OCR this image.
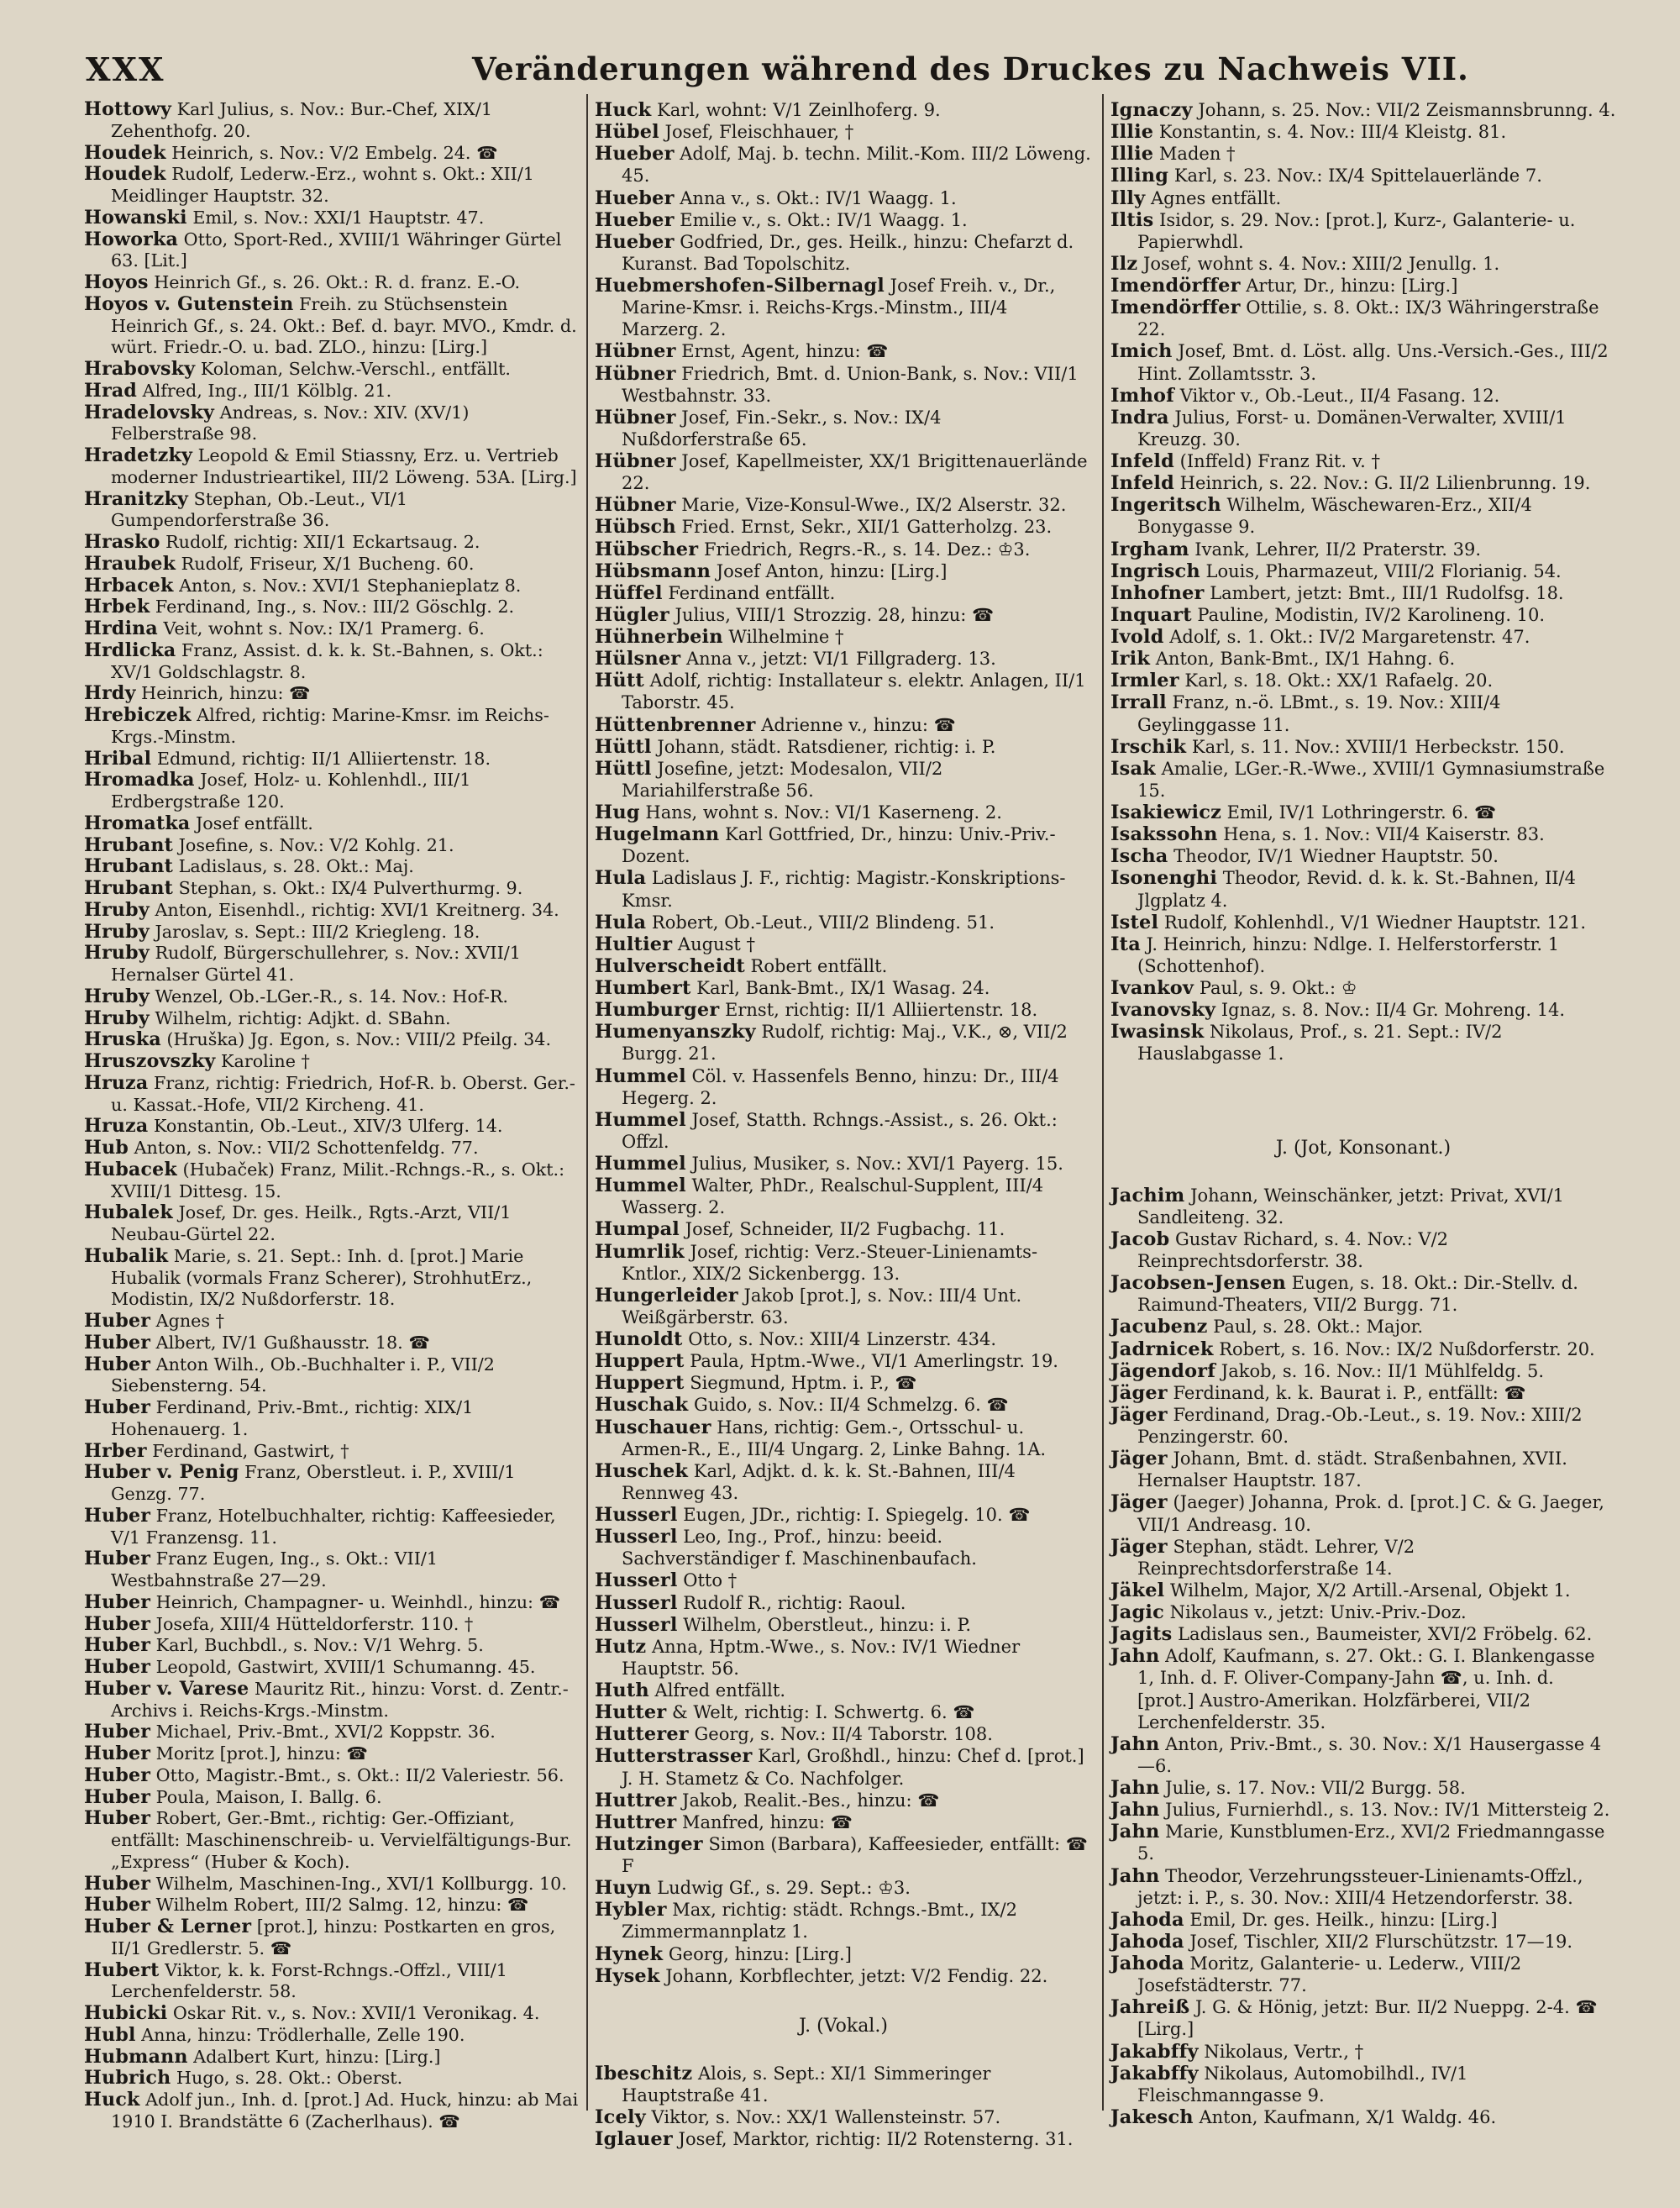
XXX	Veränderungen während des Druckes zu Nachweis VII.
Hottowy Karl Julius, s. Nov.: Bur.-Chef, XIX/1 Zehenthofg. 20.
Houdek Heinrich, s. Nov.: V/2 Embelg. 24. ☎
Houdek Rudolf, Lederw.-Erz., wohnt s. Okt.: XII/1 Meidlinger Hauptstr. 32.
Howanski Emil, s. Nov.: XXI/1 Hauptstr. 47.
Howorka Otto, Sport-Red., XVIII/1 Währinger Gürtel 63. [Lit.]
Hoyos Heinrich Gf., s. 26. Okt.: R. d. franz. E.-O.
Hoyos v. Gutenstein Freih. zu Stüchsenstein Heinrich Gf., s. 24. Okt.: Bef. d. bayr. MVO., Kmdr. d. würt. Friedr.-O. u. bad. ZLO., hinzu: [Lirg.]
Hrabovsky Koloman, Selchw.-Verschl., entfällt.
Hrad Alfred, Ing., III/1 Kölblg. 21.
Hradelovsky Andreas, s. Nov.: XIV. (XV/1) Felberstraße 98.
Hradetzky Leopold & Emil Stiassny, Erz. u. Vertrieb moderner Industrieartikel, III/2 Löweng. 53A. [Lirg.]
Hranitzky Stephan, Ob.-Leut., VI/1 Gumpendorferstraße 36.
Hrasko Rudolf, richtig: XII/1 Eckartsaug. 2.
Hraubek Rudolf, Friseur, X/1 Bucheng. 60.
Hrbacek Anton, s. Nov.: XVI/1 Stephanieplatz 8.
Hrbek Ferdinand, Ing., s. Nov.: III/2 Göschlg. 2.
Hrdina Veit, wohnt s. Nov.: IX/1 Pramerg. 6.
Hrdlicka Franz, Assist. d. k. k. St.-Bahnen, s. Okt.: XV/1 Goldschlagstr. 8.
Hrdy Heinrich, hinzu: ☎
Hrebiczek Alfred, richtig: Marine-Kmsr. im Reichs-Krgs.-Minstm.
Hribal Edmund, richtig: II/1 Alliiertenstr. 18.
Hromadka Josef, Holz- u. Kohlenhdl., III/1 Erdbergstraße 120.
Hromatka Josef entfällt.
Hrubant Josefine, s. Nov.: V/2 Kohlg. 21.
Hrubant Ladislaus, s. 28. Okt.: Maj.
Hrubant Stephan, s. Okt.: IX/4 Pulverthurmg. 9.
Hruby Anton, Eisenhdl., richtig: XVI/1 Kreitnerg. 34.
Hruby Jaroslav, s. Sept.: III/2 Kriegleng. 18.
Hruby Rudolf, Bürgerschullehrer, s. Nov.: XVII/1 Hernalser Gürtel 41.
Hruby Wenzel, Ob.-LGer.-R., s. 14. Nov.: Hof-R.
Hruby Wilhelm, richtig: Adjkt. d. SBahn.
Hruska (Hruška) Jg. Egon, s. Nov.: VIII/2 Pfeilg. 34.
Hruszovszky Karoline †
Hruza Franz, richtig: Friedrich, Hof-R. b. Oberst. Ger.- u. Kassat.-Hofe, VII/2 Kircheng. 41.
Hruza Konstantin, Ob.-Leut., XIV/3 Ulferg. 14.
Hub Anton, s. Nov.: VII/2 Schottenfeldg. 77.
Hubacek (Hubaček) Franz, Milit.-Rchngs.-R., s. Okt.: XVIII/1 Dittesg. 15.
Hubalek Josef, Dr. ges. Heilk., Rgts.-Arzt, VII/1 Neubau-Gürtel 22.
Hubalik Marie, s. 21. Sept.: Inh. d. [prot.] Marie Hubalik (vormals Franz Scherer), StrohhutErz., Modistin, IX/2 Nußdorferstr. 18.
Huber Agnes †
Huber Albert, IV/1 Gußhausstr. 18. ☎
Huber Anton Wilh., Ob.-Buchhalter i. P., VII/2 Siebensterng. 54.
Huber Ferdinand, Priv.-Bmt., richtig: XIX/1 Hohenauerg. 1.
Hrber Ferdinand, Gastwirt, †
Huber v. Penig Franz, Oberstleut. i. P., XVIII/1 Genzg. 77.
Huber Franz, Hotelbuchhalter, richtig: Kaffeesieder, V/1 Franzensg. 11.
Huber Franz Eugen, Ing., s. Okt.: VII/1 Westbahnstraße 27—29.
Huber Heinrich, Champagner- u. Weinhdl., hinzu: ☎
Huber Josefa, XIII/4 Hütteldorferstr. 110. †
Huber Karl, Buchbdl., s. Nov.: V/1 Wehrg. 5.
Huber Leopold, Gastwirt, XVIII/1 Schumanng. 45.
Huber v. Varese Mauritz Rit., hinzu: Vorst. d. Zentr.-Archivs i. Reichs-Krgs.-Minstm.
Huber Michael, Priv.-Bmt., XVI/2 Koppstr. 36.
Huber Moritz [prot.], hinzu: ☎
Huber Otto, Magistr.-Bmt., s. Okt.: II/2 Valeriestr. 56.
Huber Poula, Maison, I. Ballg. 6.
Huber Robert, Ger.-Bmt., richtig: Ger.-Offiziant, entfällt: Maschinenschreib- u. Vervielfältigungs-Bur. „Express“ (Huber & Koch).
Huber Wilhelm, Maschinen-Ing., XVI/1 Kollburgg. 10.
Huber Wilhelm Robert, III/2 Salmg. 12, hinzu: ☎
Huber & Lerner [prot.], hinzu: Postkarten en gros, II/1 Gredlerstr. 5. ☎
Hubert Viktor, k. k. Forst-Rchngs.-Offzl., VIII/1 Lerchenfelderstr. 58.
Hubicki Oskar Rit. v., s. Nov.: XVII/1 Veronikag. 4.
Hubl Anna, hinzu: Trödlerhalle, Zelle 190.
Hubmann Adalbert Kurt, hinzu: [Lirg.]
Hubrich Hugo, s. 28. Okt.: Oberst.
Huck Adolf jun., Inh. d. [prot.] Ad. Huck, hinzu: ab Mai 1910 I. Brandstätte 6 (Zacherlhaus). ☎
Huck Karl, wohnt: V/1 Zeinlhoferg. 9.
Hübel Josef, Fleischhauer, †
Hueber Adolf, Maj. b. techn. Milit.-Kom. III/2 Löweng. 45.
Hueber Anna v., s. Okt.: IV/1 Waagg. 1.
Hueber Emilie v., s. Okt.: IV/1 Waagg. 1.
Hueber Godfried, Dr., ges. Heilk., hinzu: Chefarzt d. Kuranst. Bad Topolschitz.
Huebmershofen-Silbernagl Josef Freih. v., Dr., Marine-Kmsr. i. Reichs-Krgs.-Minstm., III/4 Marzerg. 2.
Hübner Ernst, Agent, hinzu: ☎
Hübner Friedrich, Bmt. d. Union-Bank, s. Nov.: VII/1 Westbahnstr. 33.
Hübner Josef, Fin.-Sekr., s. Nov.: IX/4 Nußdorferstraße 65.
Hübner Josef, Kapellmeister, XX/1 Brigittenauerlände 22.
Hübner Marie, Vize-Konsul-Wwe., IX/2 Alserstr. 32.
Hübsch Fried. Ernst, Sekr., XII/1 Gatterholzg. 23.
Hübscher Friedrich, Regrs.-R., s. 14. Dez.: ♔3.
Hübsmann Josef Anton, hinzu: [Lirg.]
Hüffel Ferdinand entfällt.
Hügler Julius, VIII/1 Strozzig. 28, hinzu: ☎
Hühnerbein Wilhelmine †
Hülsner Anna v., jetzt: VI/1 Fillgraderg. 13.
Hütt Adolf, richtig: Installateur s. elektr. Anlagen, II/1 Taborstr. 45.
Hüttenbrenner Adrienne v., hinzu: ☎
Hüttl Johann, städt. Ratsdiener, richtig: i. P.
Hüttl Josefine, jetzt: Modesalon, VII/2 Mariahilferstraße 56.
Hug Hans, wohnt s. Nov.: VI/1 Kaserneng. 2.
Hugelmann Karl Gottfried, Dr., hinzu: Univ.-Priv.-Dozent.
Hula Ladislaus J. F., richtig: Magistr.-Konskriptions-Kmsr.
Hula Robert, Ob.-Leut., VIII/2 Blindeng. 51.
Hultier August †
Hulverscheidt Robert entfällt.
Humbert Karl, Bank-Bmt., IX/1 Wasag. 24.
Humburger Ernst, richtig: II/1 Alliiertenstr. 18.
Humenyanszky Rudolf, richtig: Maj., V.K., ⊗, VII/2 Burgg. 21.
Hummel Cöl. v. Hassenfels Benno, hinzu: Dr., III/4 Hegerg. 2.
Hummel Josef, Statth. Rchngs.-Assist., s. 26. Okt.: Offzl.
Hummel Julius, Musiker, s. Nov.: XVI/1 Payerg. 15.
Hummel Walter, PhDr., Realschul-Supplent, III/4 Wasserg. 2.
Humpal Josef, Schneider, II/2 Fugbachg. 11.
Humrlik Josef, richtig: Verz.-Steuer-Linienamts-Kntlor., XIX/2 Sickenbergg. 13.
Hungerleider Jakob [prot.], s. Nov.: III/4 Unt. Weißgärberstr. 63.
Hunoldt Otto, s. Nov.: XIII/4 Linzerstr. 434.
Huppert Paula, Hptm.-Wwe., VI/1 Amerlingstr. 19.
Huppert Siegmund, Hptm. i. P., ☎
Huschak Guido, s. Nov.: II/4 Schmelzg. 6. ☎
Huschauer Hans, richtig: Gem.-, Ortsschul- u. Armen-R., E., III/4 Ungarg. 2, Linke Bahng. 1A.
Huschek Karl, Adjkt. d. k. k. St.-Bahnen, III/4 Rennweg 43.
Husserl Eugen, JDr., richtig: I. Spiegelg. 10. ☎
Husserl Leo, Ing., Prof., hinzu: beeid. Sachverständiger f. Maschinenbaufach.
Husserl Otto †
Husserl Rudolf R., richtig: Raoul.
Husserl Wilhelm, Oberstleut., hinzu: i. P.
Hutz Anna, Hptm.-Wwe., s. Nov.: IV/1 Wiedner Hauptstr. 56.
Huth Alfred entfällt.
Hutter & Welt, richtig: I. Schwertg. 6. ☎
Hutterer Georg, s. Nov.: II/4 Taborstr. 108.
Hutterstrasser Karl, Großhdl., hinzu: Chef d. [prot.] J. H. Stametz & Co. Nachfolger.
Huttrer Jakob, Realit.-Bes., hinzu: ☎
Huttrer Manfred, hinzu: ☎
Hutzinger Simon (Barbara), Kaffeesieder, entfällt: ☎ F
Huyn Ludwig Gf., s. 29. Sept.: ♔3.
Hybler Max, richtig: städt. Rchngs.-Bmt., IX/2 Zimmermannplatz 1.
Hynek Georg, hinzu: [Lirg.]
Hysek Johann, Korbflechter, jetzt: V/2 Fendig. 22.
J. (Vokal.)
Ibeschitz Alois, s. Sept.: XI/1 Simmeringer Hauptstraße 41.
Icely Viktor, s. Nov.: XX/1 Wallensteinstr. 57.
Iglauer Josef, Marktor, richtig: II/2 Rotensterng. 31.
Ignaczy Johann, s. 25. Nov.: VII/2 Zeismannsbrunng. 4.
Illie Konstantin, s. 4. Nov.: III/4 Kleistg. 81.
Illie Maden †
Illing Karl, s. 23. Nov.: IX/4 Spittelauerlände 7.
Illy Agnes entfällt.
Iltis Isidor, s. 29. Nov.: [prot.], Kurz-, Galanterie- u. Papierwhdl.
Ilz Josef, wohnt s. 4. Nov.: XIII/2 Jenullg. 1.
Imendörffer Artur, Dr., hinzu: [Lirg.]
Imendörffer Ottilie, s. 8. Okt.: IX/3 Währingerstraße 22.
Imich Josef, Bmt. d. Löst. allg. Uns.-Versich.-Ges., III/2 Hint. Zollamtsstr. 3.
Imhof Viktor v., Ob.-Leut., II/4 Fasang. 12.
Indra Julius, Forst- u. Domänen-Verwalter, XVIII/1 Kreuzg. 30.
Infeld (Inffeld) Franz Rit. v. †
Infeld Heinrich, s. 22. Nov.: G. II/2 Lilienbrunng. 19.
Ingeritsch Wilhelm, Wäschewaren-Erz., XII/4 Bonygasse 9.
Irgham Ivank, Lehrer, II/2 Praterstr. 39.
Ingrisch Louis, Pharmazeut, VIII/2 Florianig. 54.
Inhofner Lambert, jetzt: Bmt., III/1 Rudolfsg. 18.
Inquart Pauline, Modistin, IV/2 Karolineng. 10.
Ivold Adolf, s. 1. Okt.: IV/2 Margaretenstr. 47.
Irik Anton, Bank-Bmt., IX/1 Hahng. 6.
Irmler Karl, s. 18. Okt.: XX/1 Rafaelg. 20.
Irrall Franz, n.-ö. LBmt., s. 19. Nov.: XIII/4 Geylinggasse 11.
Irschik Karl, s. 11. Nov.: XVIII/1 Herbeckstr. 150.
Isak Amalie, LGer.-R.-Wwe., XVIII/1 Gymnasiumstraße 15.
Isakiewicz Emil, IV/1 Lothringerstr. 6. ☎
Isakssohn Hena, s. 1. Nov.: VII/4 Kaiserstr. 83.
Ischa Theodor, IV/1 Wiedner Hauptstr. 50.
Isonenghi Theodor, Revid. d. k. k. St.-Bahnen, II/4 Jlgplatz 4.
Istel Rudolf, Kohlenhdl., V/1 Wiedner Hauptstr. 121.
Ita J. Heinrich, hinzu: Ndlge. I. Helferstorferstr. 1 (Schottenhof).
Ivankov Paul, s. 9. Okt.: ♔
Ivanovsky Ignaz, s. 8. Nov.: II/4 Gr. Mohreng. 14.
Iwasinsk Nikolaus, Prof., s. 21. Sept.: IV/2 Hauslabgasse 1.
J. (Jot, Konsonant.)
Jachim Johann, Weinschänker, jetzt: Privat, XVI/1 Sandleiteng. 32.
Jacob Gustav Richard, s. 4. Nov.: V/2 Reinprechtsdorferstr. 38.
Jacobsen-Jensen Eugen, s. 18. Okt.: Dir.-Stellv. d. Raimund-Theaters, VII/2 Burgg. 71.
Jacubenz Paul, s. 28. Okt.: Major.
Jadrnicek Robert, s. 16. Nov.: IX/2 Nußdorferstr. 20.
Jägendorf Jakob, s. 16. Nov.: II/1 Mühlfeldg. 5.
Jäger Ferdinand, k. k. Baurat i. P., entfällt: ☎
Jäger Ferdinand, Drag.-Ob.-Leut., s. 19. Nov.: XIII/2 Penzingerstr. 60.
Jäger Johann, Bmt. d. städt. Straßenbahnen, XVII. Hernalser Hauptstr. 187.
Jäger (Jaeger) Johanna, Prok. d. [prot.] C. & G. Jaeger, VII/1 Andreasg. 10.
Jäger Stephan, städt. Lehrer, V/2 Reinprechtsdorferstraße 14.
Jäkel Wilhelm, Major, X/2 Artill.-Arsenal, Objekt 1.
Jagic Nikolaus v., jetzt: Univ.-Priv.-Doz.
Jagits Ladislaus sen., Baumeister, XVI/2 Fröbelg. 62.
Jahn Adolf, Kaufmann, s. 27. Okt.: G. I. Blankengasse 1, Inh. d. F. Oliver-Company-Jahn ☎, u. Inh. d. [prot.] Austro-Amerikan. Holzfärberei, VII/2 Lerchenfelderstr. 35.
Jahn Anton, Priv.-Bmt., s. 30. Nov.: X/1 Hausergasse 4—6.
Jahn Julie, s. 17. Nov.: VII/2 Burgg. 58.
Jahn Julius, Furnierhdl., s. 13. Nov.: IV/1 Mittersteig 2.
Jahn Marie, Kunstblumen-Erz., XVI/2 Friedmanngasse 5.
Jahn Theodor, Verzehrungssteuer-Linienamts-Offzl., jetzt: i. P., s. 30. Nov.: XIII/4 Hetzendorferstr. 38.
Jahoda Emil, Dr. ges. Heilk., hinzu: [Lirg.]
Jahoda Josef, Tischler, XII/2 Flurschützstr. 17—19.
Jahoda Moritz, Galanterie- u. Lederw., VIII/2 Josefstädterstr. 77.
Jahreiß J. G. & Hönig, jetzt: Bur. II/2 Nueppg. 2-4. ☎ [Lirg.]
Jakabffy Nikolaus, Vertr., †
Jakabffy Nikolaus, Automobilhdl., IV/1 Fleischmanngasse 9.
Jakesch Anton, Kaufmann, X/1 Waldg. 46.
